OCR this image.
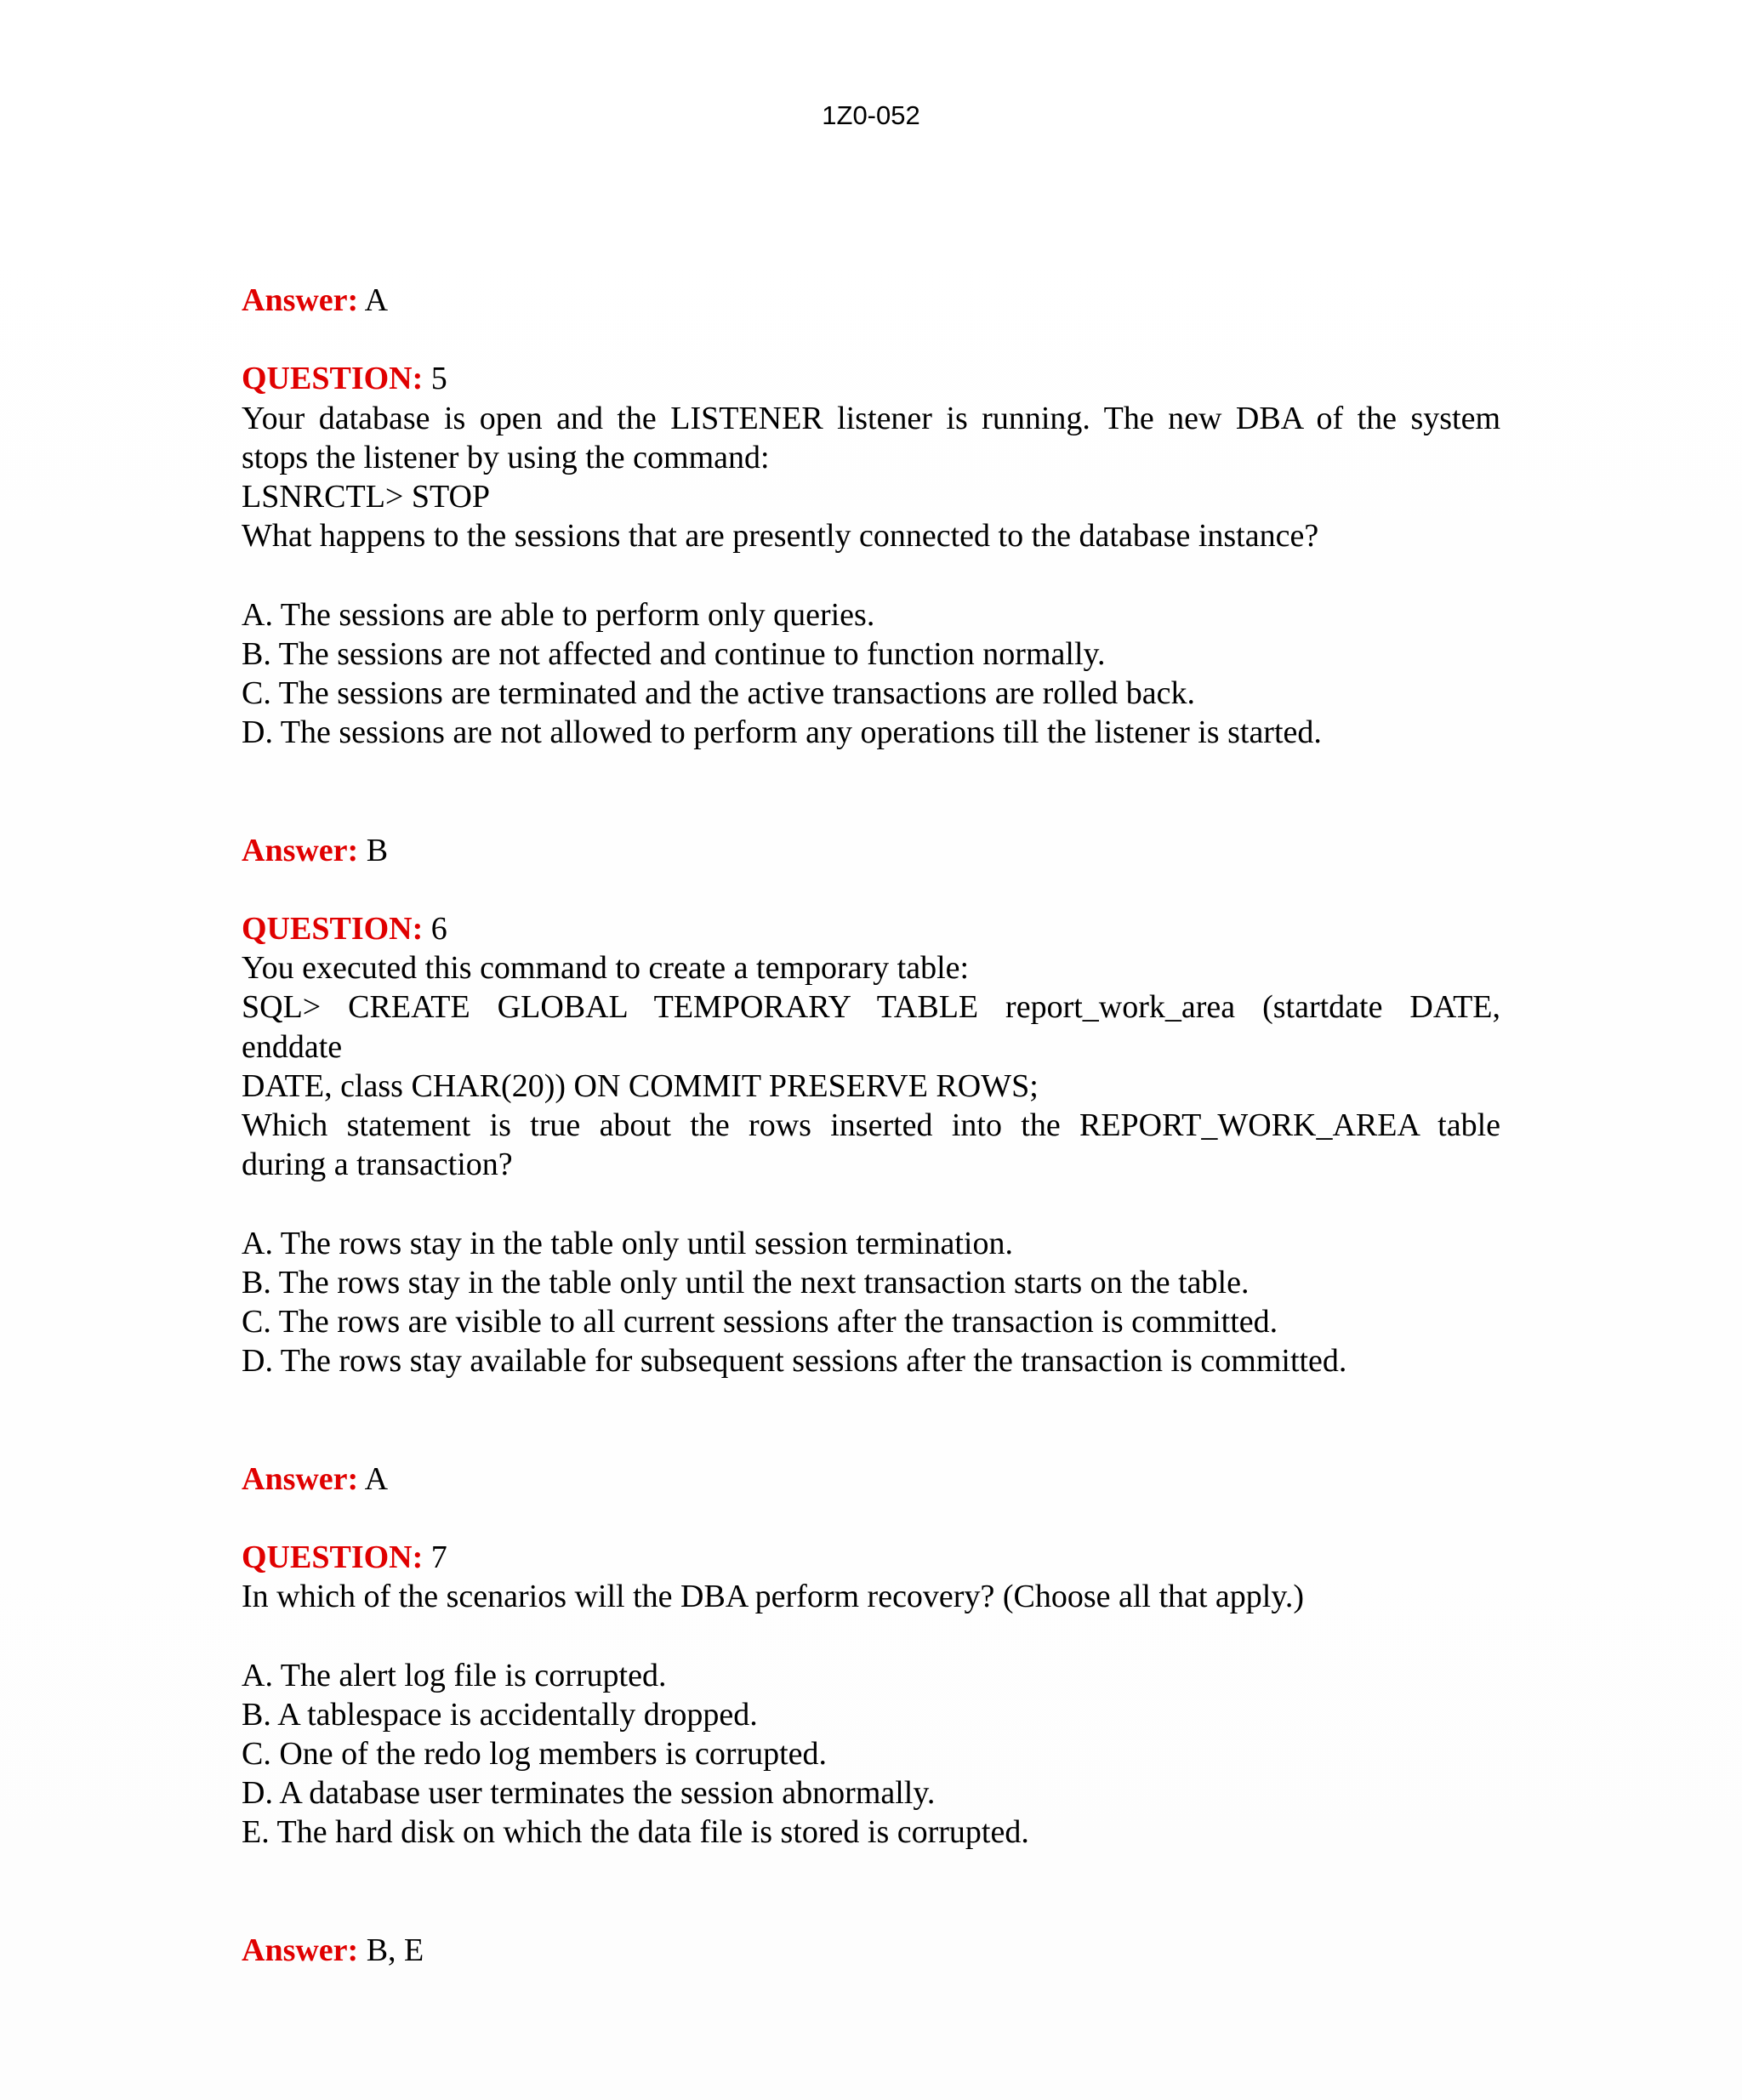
1Z0-052
Answer: A
QUESTION: 5
Your database is open and the LISTENER listener is running. The new DBA of the system
stops the listener by using the command:
LSNRCTL> STOP
What happens to the sessions that are presently connected to the database instance?
A. The sessions are able to perform only queries.
B. The sessions are not affected and continue to function normally.
C. The sessions are terminated and the active transactions are rolled back.
D. The sessions are not allowed to perform any operations till the listener is started.
Answer: B
QUESTION: 6
You executed this command to create a temporary table:
SQL> CREATE GLOBAL TEMPORARY TABLE report_work_area (startdate DATE,
enddate
DATE, class CHAR(20)) ON COMMIT PRESERVE ROWS;
Which statement is true about the rows inserted into the REPORT_WORK_AREA table
during a transaction?
A. The rows stay in the table only until session termination.
B. The rows stay in the table only until the next transaction starts on the table.
C. The rows are visible to all current sessions after the transaction is committed.
D. The rows stay available for subsequent sessions after the transaction is committed.
Answer: A
QUESTION: 7
In which of the scenarios will the DBA perform recovery? (Choose all that apply.)
A. The alert log file is corrupted.
B. A tablespace is accidentally dropped.
C. One of the redo log members is corrupted.
D. A database user terminates the session abnormally.
E. The hard disk on which the data file is stored is corrupted.
Answer: B, E
